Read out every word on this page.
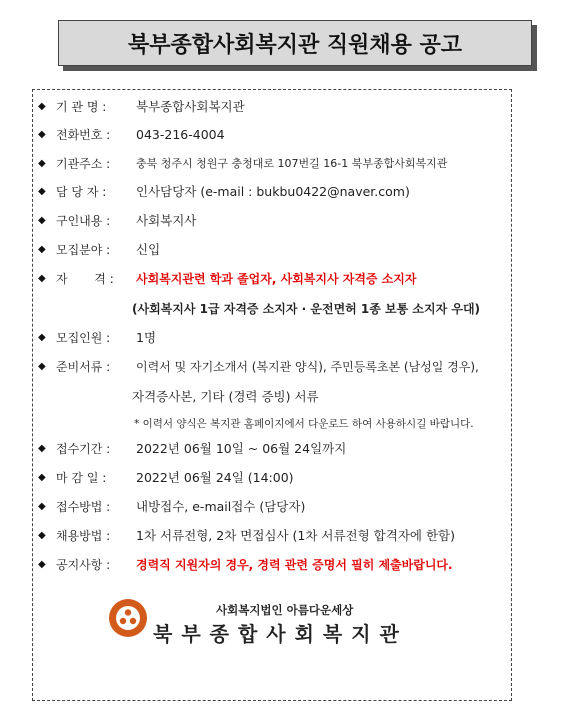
북부종합사회복지관 직원채용 공고
◆ 기 관 명 :	북부종합사회복지관
◆ 전화번호 :	043-216-4004
◆ 기관주소 :	충북 청주시 청원구 충청대로 107번길 16-1 북부종합사회복지관
◆ 담 당 자 :	인사담당자 (e-mail : bukbu0422@naver.com)
◆ 구인내용 :	사회복지사
◆ 모집분야 :	신입
◆ 자       격 :	사회복지관련 학과 졸업자, 사회복지사 자격증 소지자
(사회복지사 1급 자격증 소지자 · 운전면허 1종 보통 소지자 우대)
◆ 모집인원 :	1명
◆ 준비서류 :	이력서 및 자기소개서 (복지관 양식), 주민등록초본 (남성일 경우),
자격증사본, 기타 (경력 증빙) 서류
* 이력서 양식은 복지관 홈페이지에서 다운로드 하여 사용하시길 바랍니다.
◆ 접수기간 :	2022년 06월 10일 ~ 06월 24일까지
◆ 마 감 일 :	2022년 06월 24일 (14:00)
◆ 접수방법 :	내방접수, e-mail접수 (담당자)
◆ 채용방법 :	1차 서류전형, 2차 면접심사 (1차 서류전형 합격자에 한함)
◆ 공지사항 :	경력직 지원자의 경우, 경력 관련 증명서 필히 제출바랍니다.
사회복지법인 아름다운세상
북부종합사회복지관
